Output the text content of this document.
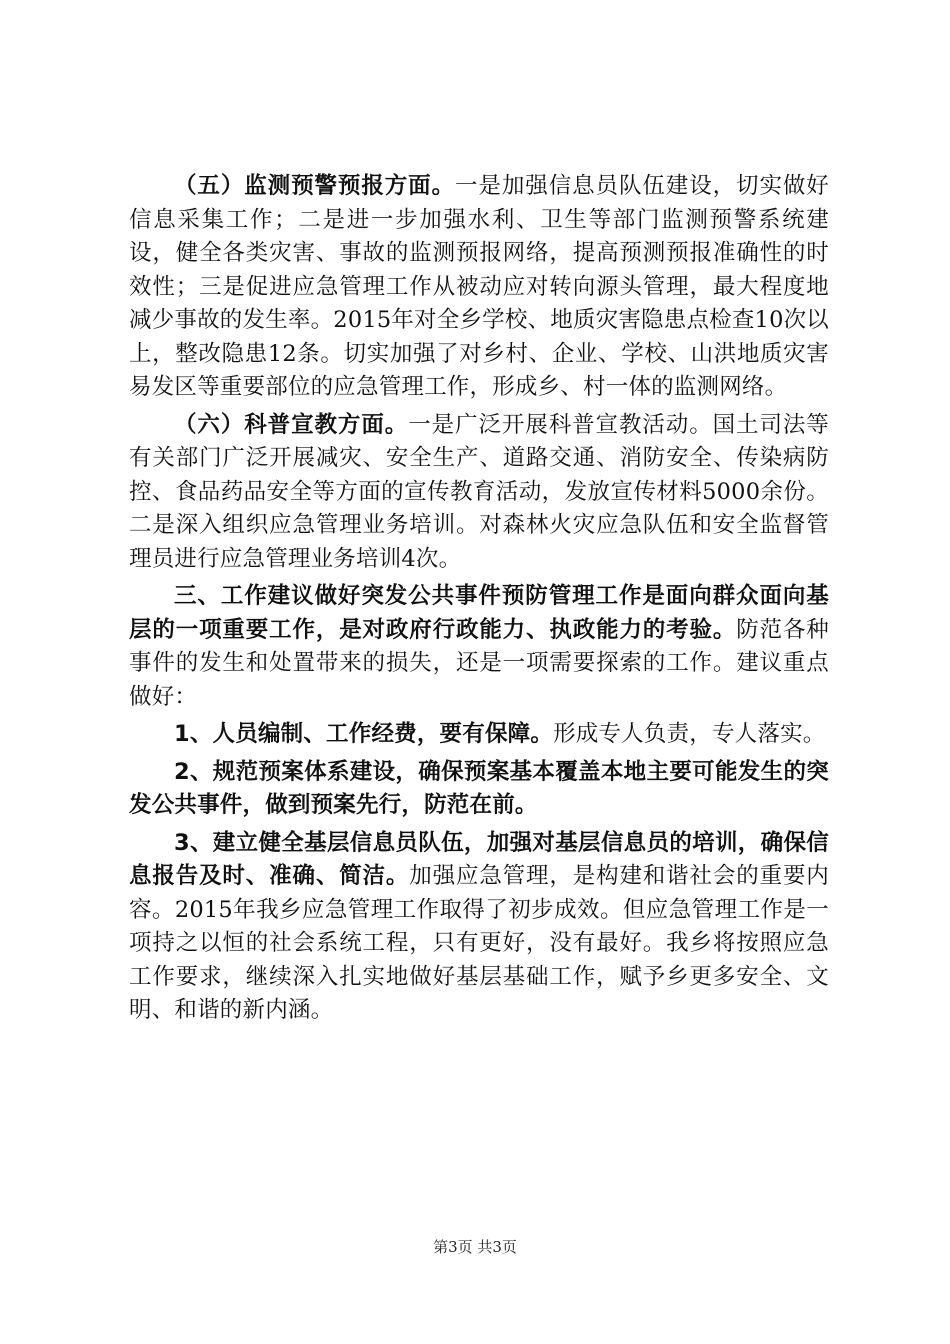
（五）监测预警预报方面。一是加强信息员队伍建设，切实做好信息采集工作；二是进一步加强水利、卫生等部门监测预警系统建设，健全各类灾害、事故的监测预报网络，提高预测预报准确性的时效性；三是促进应急管理工作从被动应对转向源头管理，最大程度地减少事故的发生率。2015年对全乡学校、地质灾害隐患点检查10次以上，整改隐患12条。切实加强了对乡村、企业、学校、山洪地质灾害易发区等重要部位的应急管理工作，形成乡、村一体的监测网络。

（六）科普宣教方面。一是广泛开展科普宣教活动。国土司法等有关部门广泛开展减灾、安全生产、道路交通、消防安全、传染病防控、食品药品安全等方面的宣传教育活动，发放宣传材料5000余份。二是深入组织应急管理业务培训。对森林火灾应急队伍和安全监督管理员进行应急管理业务培训4次。

三、工作建议做好突发公共事件预防管理工作是面向群众面向基层的一项重要工作，是对政府行政能力、执政能力的考验。防范各种事件的发生和处置带来的损失，还是一项需要探索的工作。建议重点做好：

1、人员编制、工作经费，要有保障。形成专人负责，专人落实。

2、规范预案体系建设，确保预案基本覆盖本地主要可能发生的突发公共事件，做到预案先行，防范在前。

3、建立健全基层信息员队伍，加强对基层信息员的培训，确保信息报告及时、准确、简洁。加强应急管理，是构建和谐社会的重要内容。2015年我乡应急管理工作取得了初步成效。但应急管理工作是一项持之以恒的社会系统工程，只有更好，没有最好。我乡将按照应急工作要求，继续深入扎实地做好基层基础工作，赋予乡更多安全、文明、和谐的新内涵。

第3页 共3页
